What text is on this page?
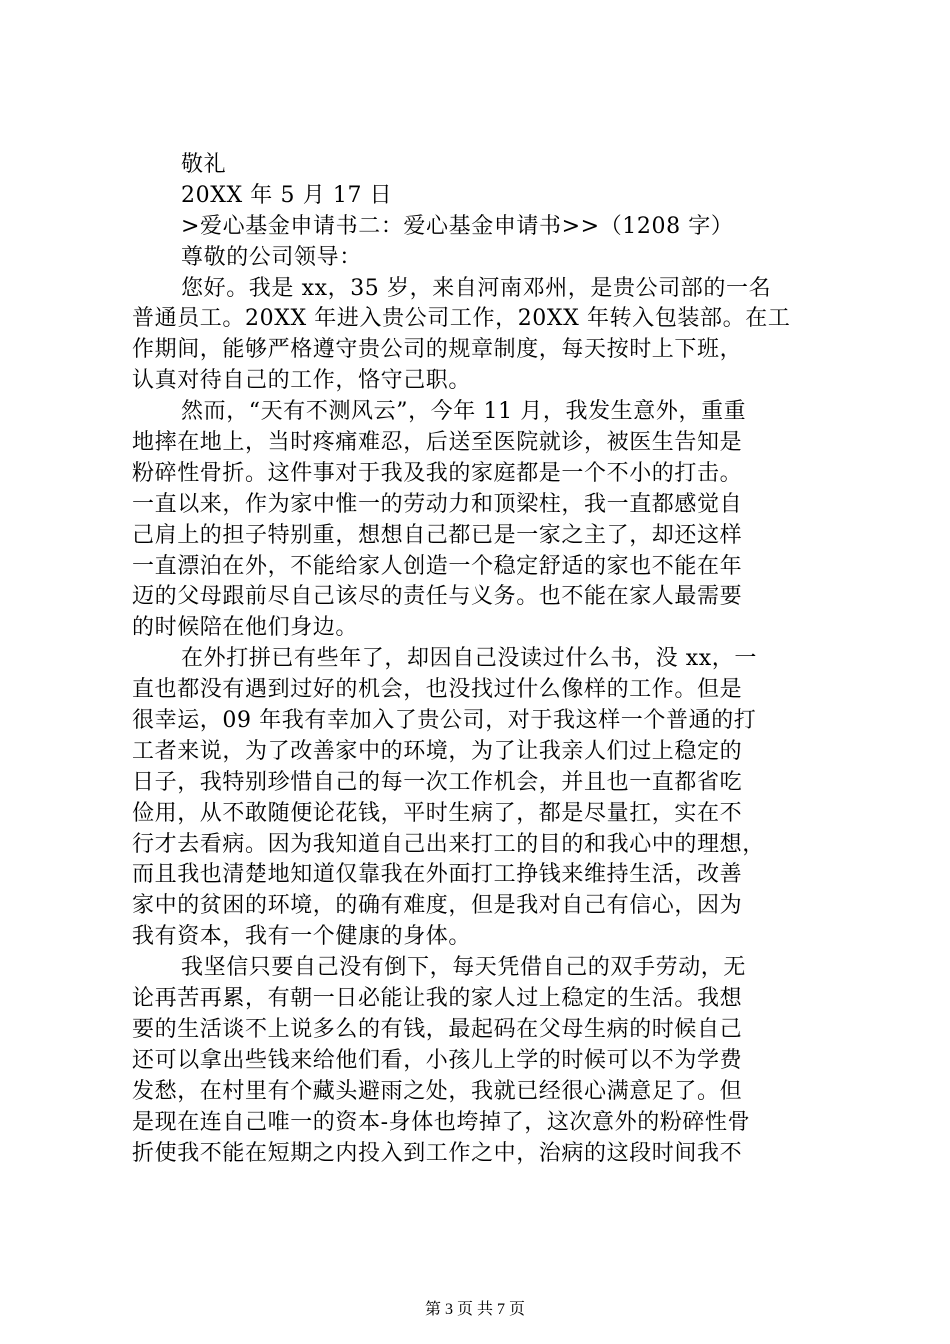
敬礼
20XX 年 5 月 17 日
>爱心基金申请书二：爱心基金申请书>>（1208 字）
尊敬的公司领导：
您好。我是 xx，35 岁，来自河南邓州，是贵公司部的一名
普通员工。20XX 年进入贵公司工作，20XX 年转入包装部。在工
作期间，能够严格遵守贵公司的规章制度，每天按时上下班，
认真对待自己的工作，恪守己职。
然而，“天有不测风云”，今年 11 月，我发生意外，重重
地摔在地上，当时疼痛难忍，后送至医院就诊，被医生告知是
粉碎性骨折。这件事对于我及我的家庭都是一个不小的打击。
一直以来，作为家中惟一的劳动力和顶梁柱，我一直都感觉自
己肩上的担子特别重，想想自己都已是一家之主了，却还这样
一直漂泊在外，不能给家人创造一个稳定舒适的家也不能在年
迈的父母跟前尽自己该尽的责任与义务。也不能在家人最需要
的时候陪在他们身边。
在外打拼已有些年了，却因自己没读过什么书，没 xx，一
直也都没有遇到过好的机会，也没找过什么像样的工作。但是
很幸运，09 年我有幸加入了贵公司，对于我这样一个普通的打
工者来说，为了改善家中的环境，为了让我亲人们过上稳定的
日子，我特别珍惜自己的每一次工作机会，并且也一直都省吃
俭用，从不敢随便论花钱，平时生病了，都是尽量扛，实在不
行才去看病。因为我知道自己出来打工的目的和我心中的理想，
而且我也清楚地知道仅靠我在外面打工挣钱来维持生活，改善
家中的贫困的环境，的确有难度，但是我对自己有信心，因为
我有资本，我有一个健康的身体。
我坚信只要自己没有倒下，每天凭借自己的双手劳动，无
论再苦再累，有朝一日必能让我的家人过上稳定的生活。我想
要的生活谈不上说多么的有钱，最起码在父母生病的时候自己
还可以拿出些钱来给他们看，小孩儿上学的时候可以不为学费
发愁，在村里有个藏头避雨之处，我就已经很心满意足了。但
是现在连自己唯一的资本-身体也垮掉了，这次意外的粉碎性骨
折使我不能在短期之内投入到工作之中，治病的这段时间我不
第 3 页 共 7 页
